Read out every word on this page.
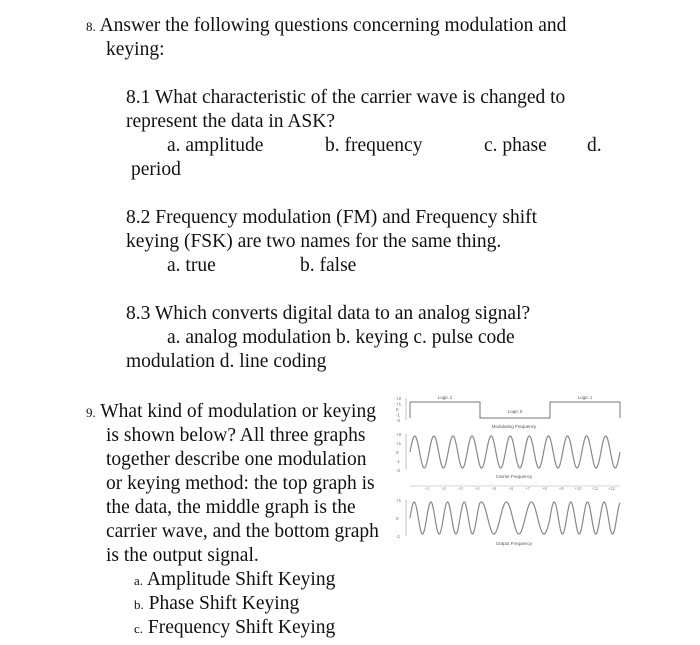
8. Answer the following questions concerning modulation and
keying:
8.1 What characteristic of the carrier wave is changed to
represent the data in ASK?
a. amplitude	b. frequency	c. phase d.
period
8.2 Frequency modulation (FM) and Frequency shift
keying (FSK) are two names for the same thing.
a. true	b. false
8.3 Which converts digital data to an analog signal?
a. analog modulation b. keying c. pulse code
modulation d. line coding
9. What kind of modulation or keying
is shown below? All three graphs
together describe one modulation
or keying method: the top graph is
the data, the middle graph is the
carrier wave, and the bottom graph
is the output signal.
a. Amplitude Shift Keying
b. Phase Shift Keying
c. Frequency Shift Keying
+2
+1
0
-1
-2
Logic 1
Logic 0
Logic 1
Modulating Frequency
+2
+1
0
-1
-2
Carrier Frequency
+1	+2	+3	+4	+5	+6	+7	+8	+9	+10 +11 +12
+1
0
-1
Output Frequency
